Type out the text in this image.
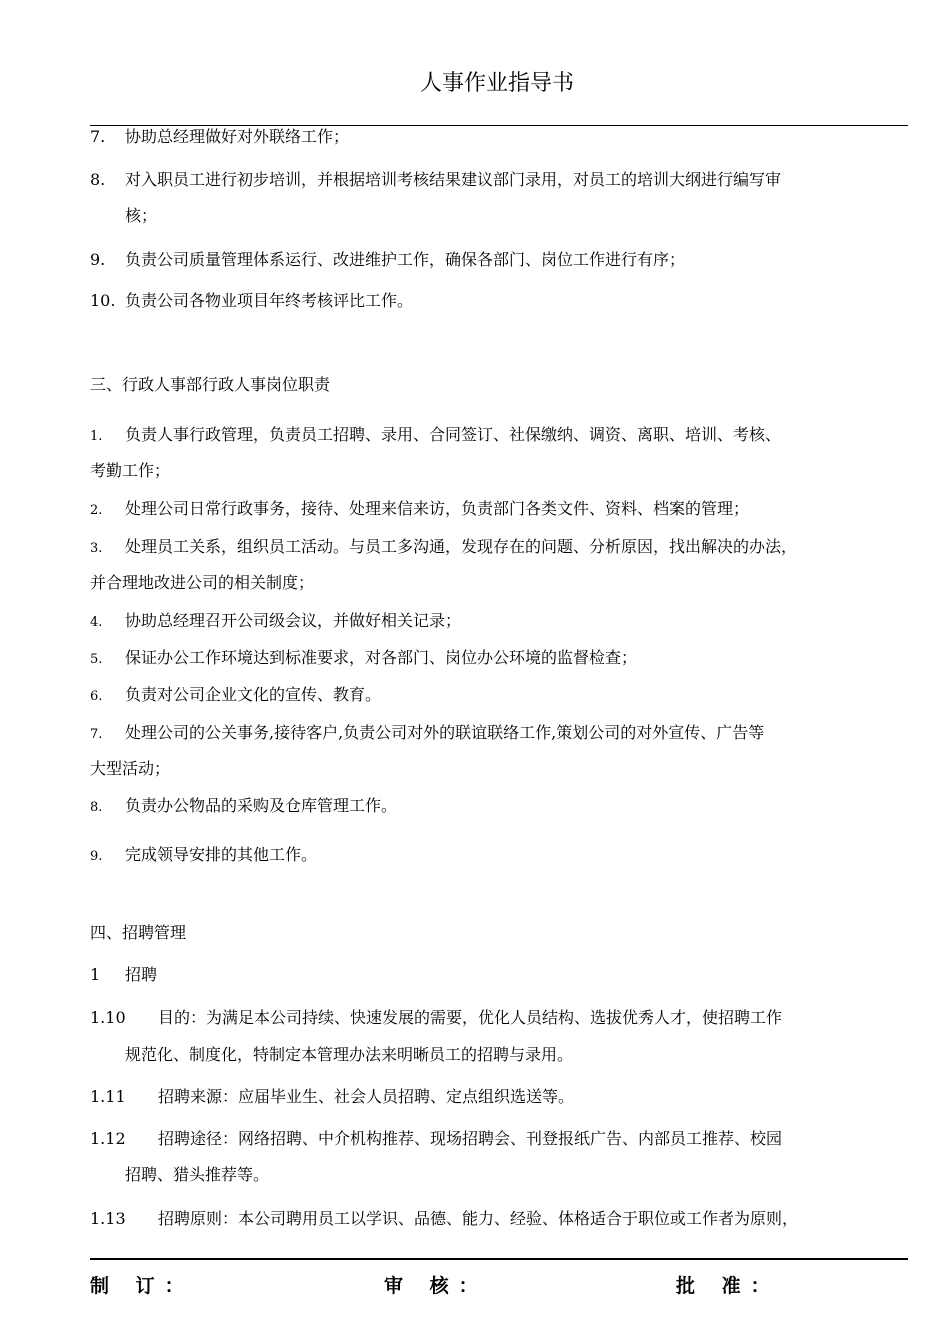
人事作业指导书
7. 协助总经理做好对外联络工作；
8. 对入职员工进行初步培训，并根据培训考核结果建议部门录用，对员工的培训大纲进行编写审
核；
9. 负责公司质量管理体系运行、改进维护工作，确保各部门、岗位工作进行有序；
10. 负责公司各物业项目年终考核评比工作。
三、行政人事部行政人事岗位职责
1. 负责人事行政管理，负责员工招聘、录用、合同签订、社保缴纳、调资、离职、培训、考核、
考勤工作；
2. 处理公司日常行政事务，接待、处理来信来访，负责部门各类文件、资料、档案的管理；
3. 处理员工关系，组织员工活动。与员工多沟通，发现存在的问题、分析原因，找出解决的办法，
并合理地改进公司的相关制度；
4. 协助总经理召开公司级会议，并做好相关记录；
5. 保证办公工作环境达到标准要求，对各部门、岗位办公环境的监督检查；
6. 负责对公司企业文化的宣传、教育。
7. 处理公司的公关事务,接待客户,负责公司对外的联谊联络工作,策划公司的对外宣传、广告等
大型活动；
8. 负责办公物品的采购及仓库管理工作。
9. 完成领导安排的其他工作。
四、招聘管理
1 招聘
1.10 目的：为满足本公司持续、快速发展的需要，优化人员结构、选拔优秀人才，使招聘工作
规范化、制度化，特制定本管理办法来明晰员工的招聘与录用。
1.11 招聘来源：应届毕业生、社会人员招聘、定点组织选送等。
1.12 招聘途径：网络招聘、中介机构推荐、现场招聘会、刊登报纸广告、内部员工推荐、校园
招聘、猎头推荐等。
1.13 招聘原则：本公司聘用员工以学识、品德、能力、经验、体格适合于职位或工作者为原则，
制 订：	审 核：	批 准：
